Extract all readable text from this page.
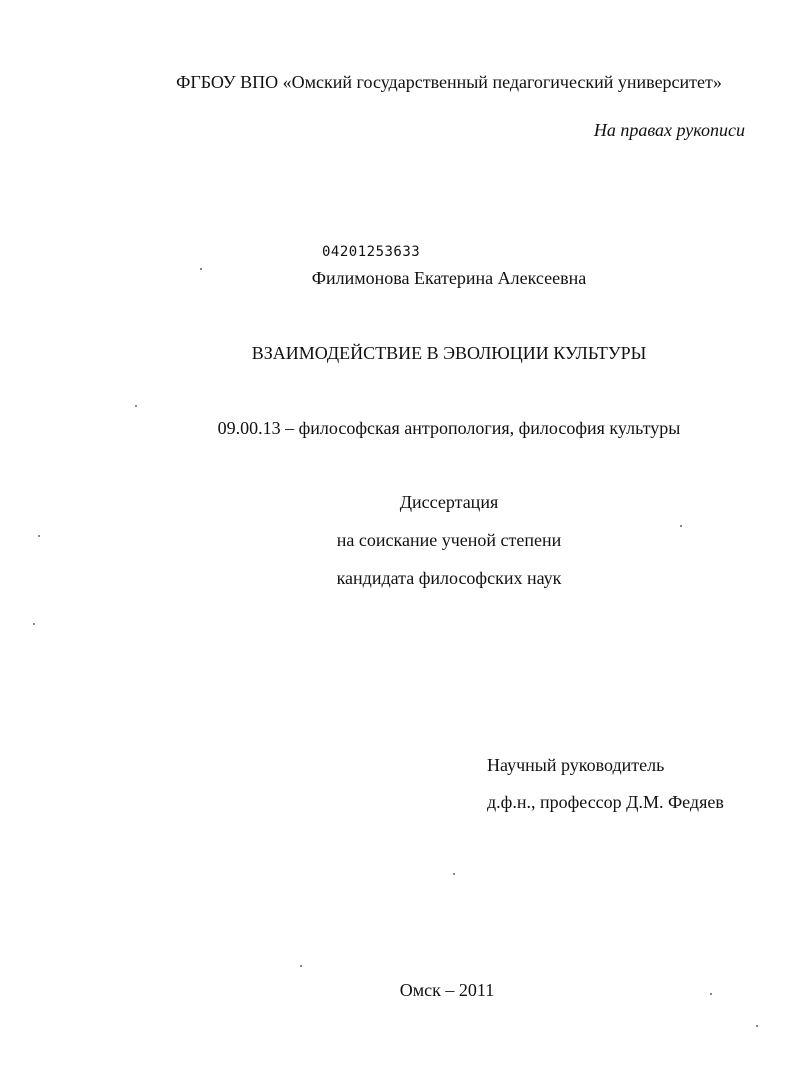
ФГБОУ ВПО «Омский государственный педагогический университет»
На правах рукописи
04201253633
Филимонова Екатерина Алексеевна
ВЗАИМОДЕЙСТВИЕ В ЭВОЛЮЦИИ КУЛЬТУРЫ
09.00.13 – философская антропология, философия культуры
Диссертация
на соискание ученой степени
кандидата философских наук
Научный руководитель
д.ф.н., профессор Д.М. Федяев
Омск – 2011
